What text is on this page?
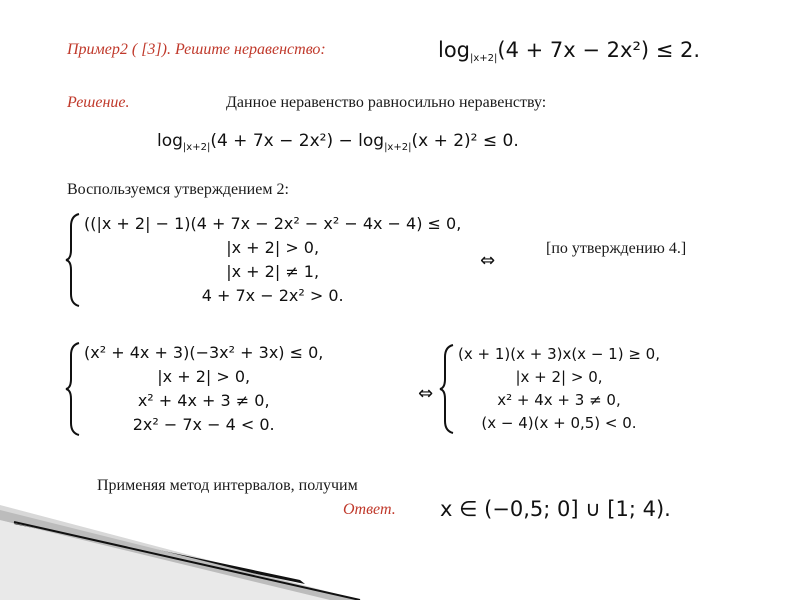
Пример2 ( [3]). Решите неравенство:	$\log_{|x+2|}(4 + 7x - 2x^2) \le 2$.
Решение.	Данное неравенство равносильно неравенству:
$\log_{|x+2|}(4 + 7x - 2x^2) - \log_{|x+2|}(x + 2)^2 \le 0$.
Воспользуемся утверждением 2:
((|x + 2| − 1)(4 + 7x − 2x² − x² − 4x − 4) ≤ 0,
|x + 2| > 0,
|x + 2| ≠ 1,
4 + 7x − 2x² > 0.
⇔
[по утверждению 4.]
(x² + 4x + 3)(−3x² + 3x) ≤ 0,
|x + 2| > 0,
x² + 4x + 3 ≠ 0,
2x² − 7x − 4 < 0.
⇔
(x + 1)(x + 3)x(x − 1) ≥ 0,
|x + 2| > 0,
x² + 4x + 3 ≠ 0,
(x − 4)(x + 0,5) < 0.
Применяя метод интервалов, получим
Ответ. x ∈ (−0,5; 0] ∪ [1; 4).
